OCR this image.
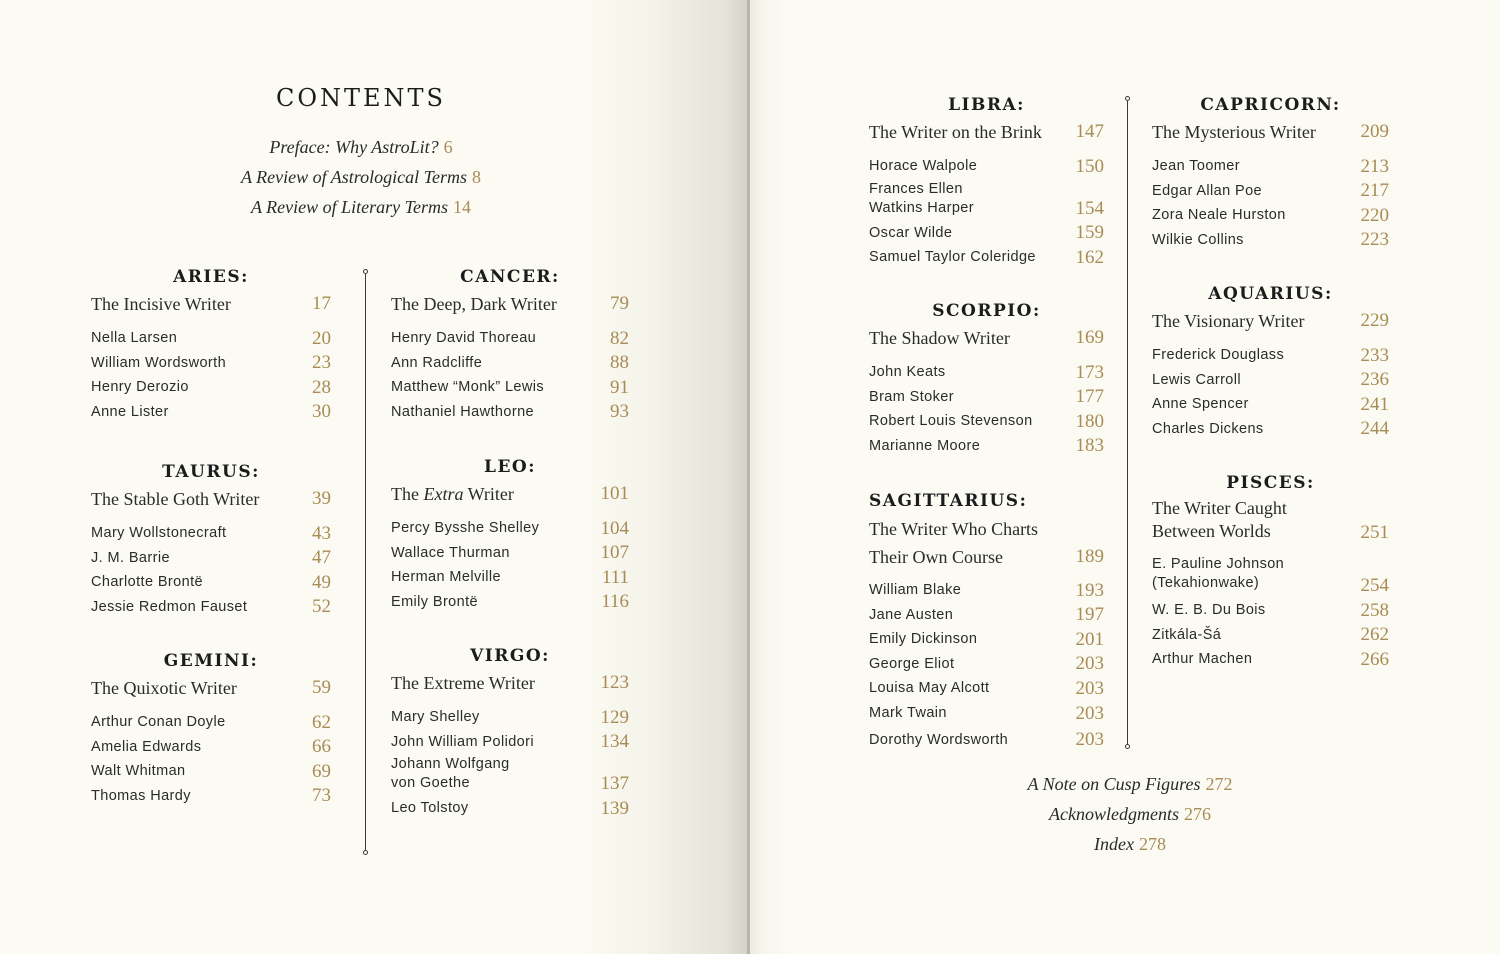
CONTENTS
Preface: Why AstroLit? 6
A Review of Astrological Terms 8
A Review of Literary Terms 14
ARIES:
The Incisive Writer	17
Nella Larsen	20
William Wordsworth	23
Henry Derozio	28
Anne Lister	30
TAURUS:
The Stable Goth Writer	39
Mary Wollstonecraft	43
J. M. Barrie	47
Charlotte Brontë	49
Jessie Redmon Fauset	52
GEMINI:
The Quixotic Writer	59
Arthur Conan Doyle	62
Amelia Edwards	66
Walt Whitman	69
Thomas Hardy	73
CANCER:
The Deep, Dark Writer	79
Henry David Thoreau	82
Ann Radcliffe	88
Matthew “Monk” Lewis	91
Nathaniel Hawthorne	93
LEO:
The Extra Writer	101
Percy Bysshe Shelley	104
Wallace Thurman	107
Herman Melville	111
Emily Brontë	116
VIRGO:
The Extreme Writer	123
Mary Shelley	129
John William Polidori	134
Johann Wolfgang
von Goethe	137
Leo Tolstoy	139
LIBRA:
The Writer on the Brink 147
Horace Walpole	150
Frances Ellen
Watkins Harper	154
Oscar Wilde	159
Samuel Taylor Coleridge 162
SCORPIO:
The Shadow Writer	169
John Keats	173
Bram Stoker	177
Robert Louis Stevenson 180
Marianne Moore	183
SAGITTARIUS:
The Writer Who Charts
Their Own Course	189
William Blake	193
Jane Austen	197
Emily Dickinson	201
George Eliot	203
Louisa May Alcott	203
Mark Twain	203
Dorothy Wordsworth	203
CAPRICORN:
The Mysterious Writer 209
Jean Toomer	213
Edgar Allan Poe	217
Zora Neale Hurston	220
Wilkie Collins	223
AQUARIUS:
The Visionary Writer	229
Frederick Douglass	233
Lewis Carroll	236
Anne Spencer	241
Charles Dickens	244
PISCES:
The Writer Caught
Between Worlds	251
E. Pauline Johnson
(Tekahionwake)	254
W. E. B. Du Bois	258
Zitkála-Šá	262
Arthur Machen	266
A Note on Cusp Figures 272
Acknowledgments 276
Index 278
